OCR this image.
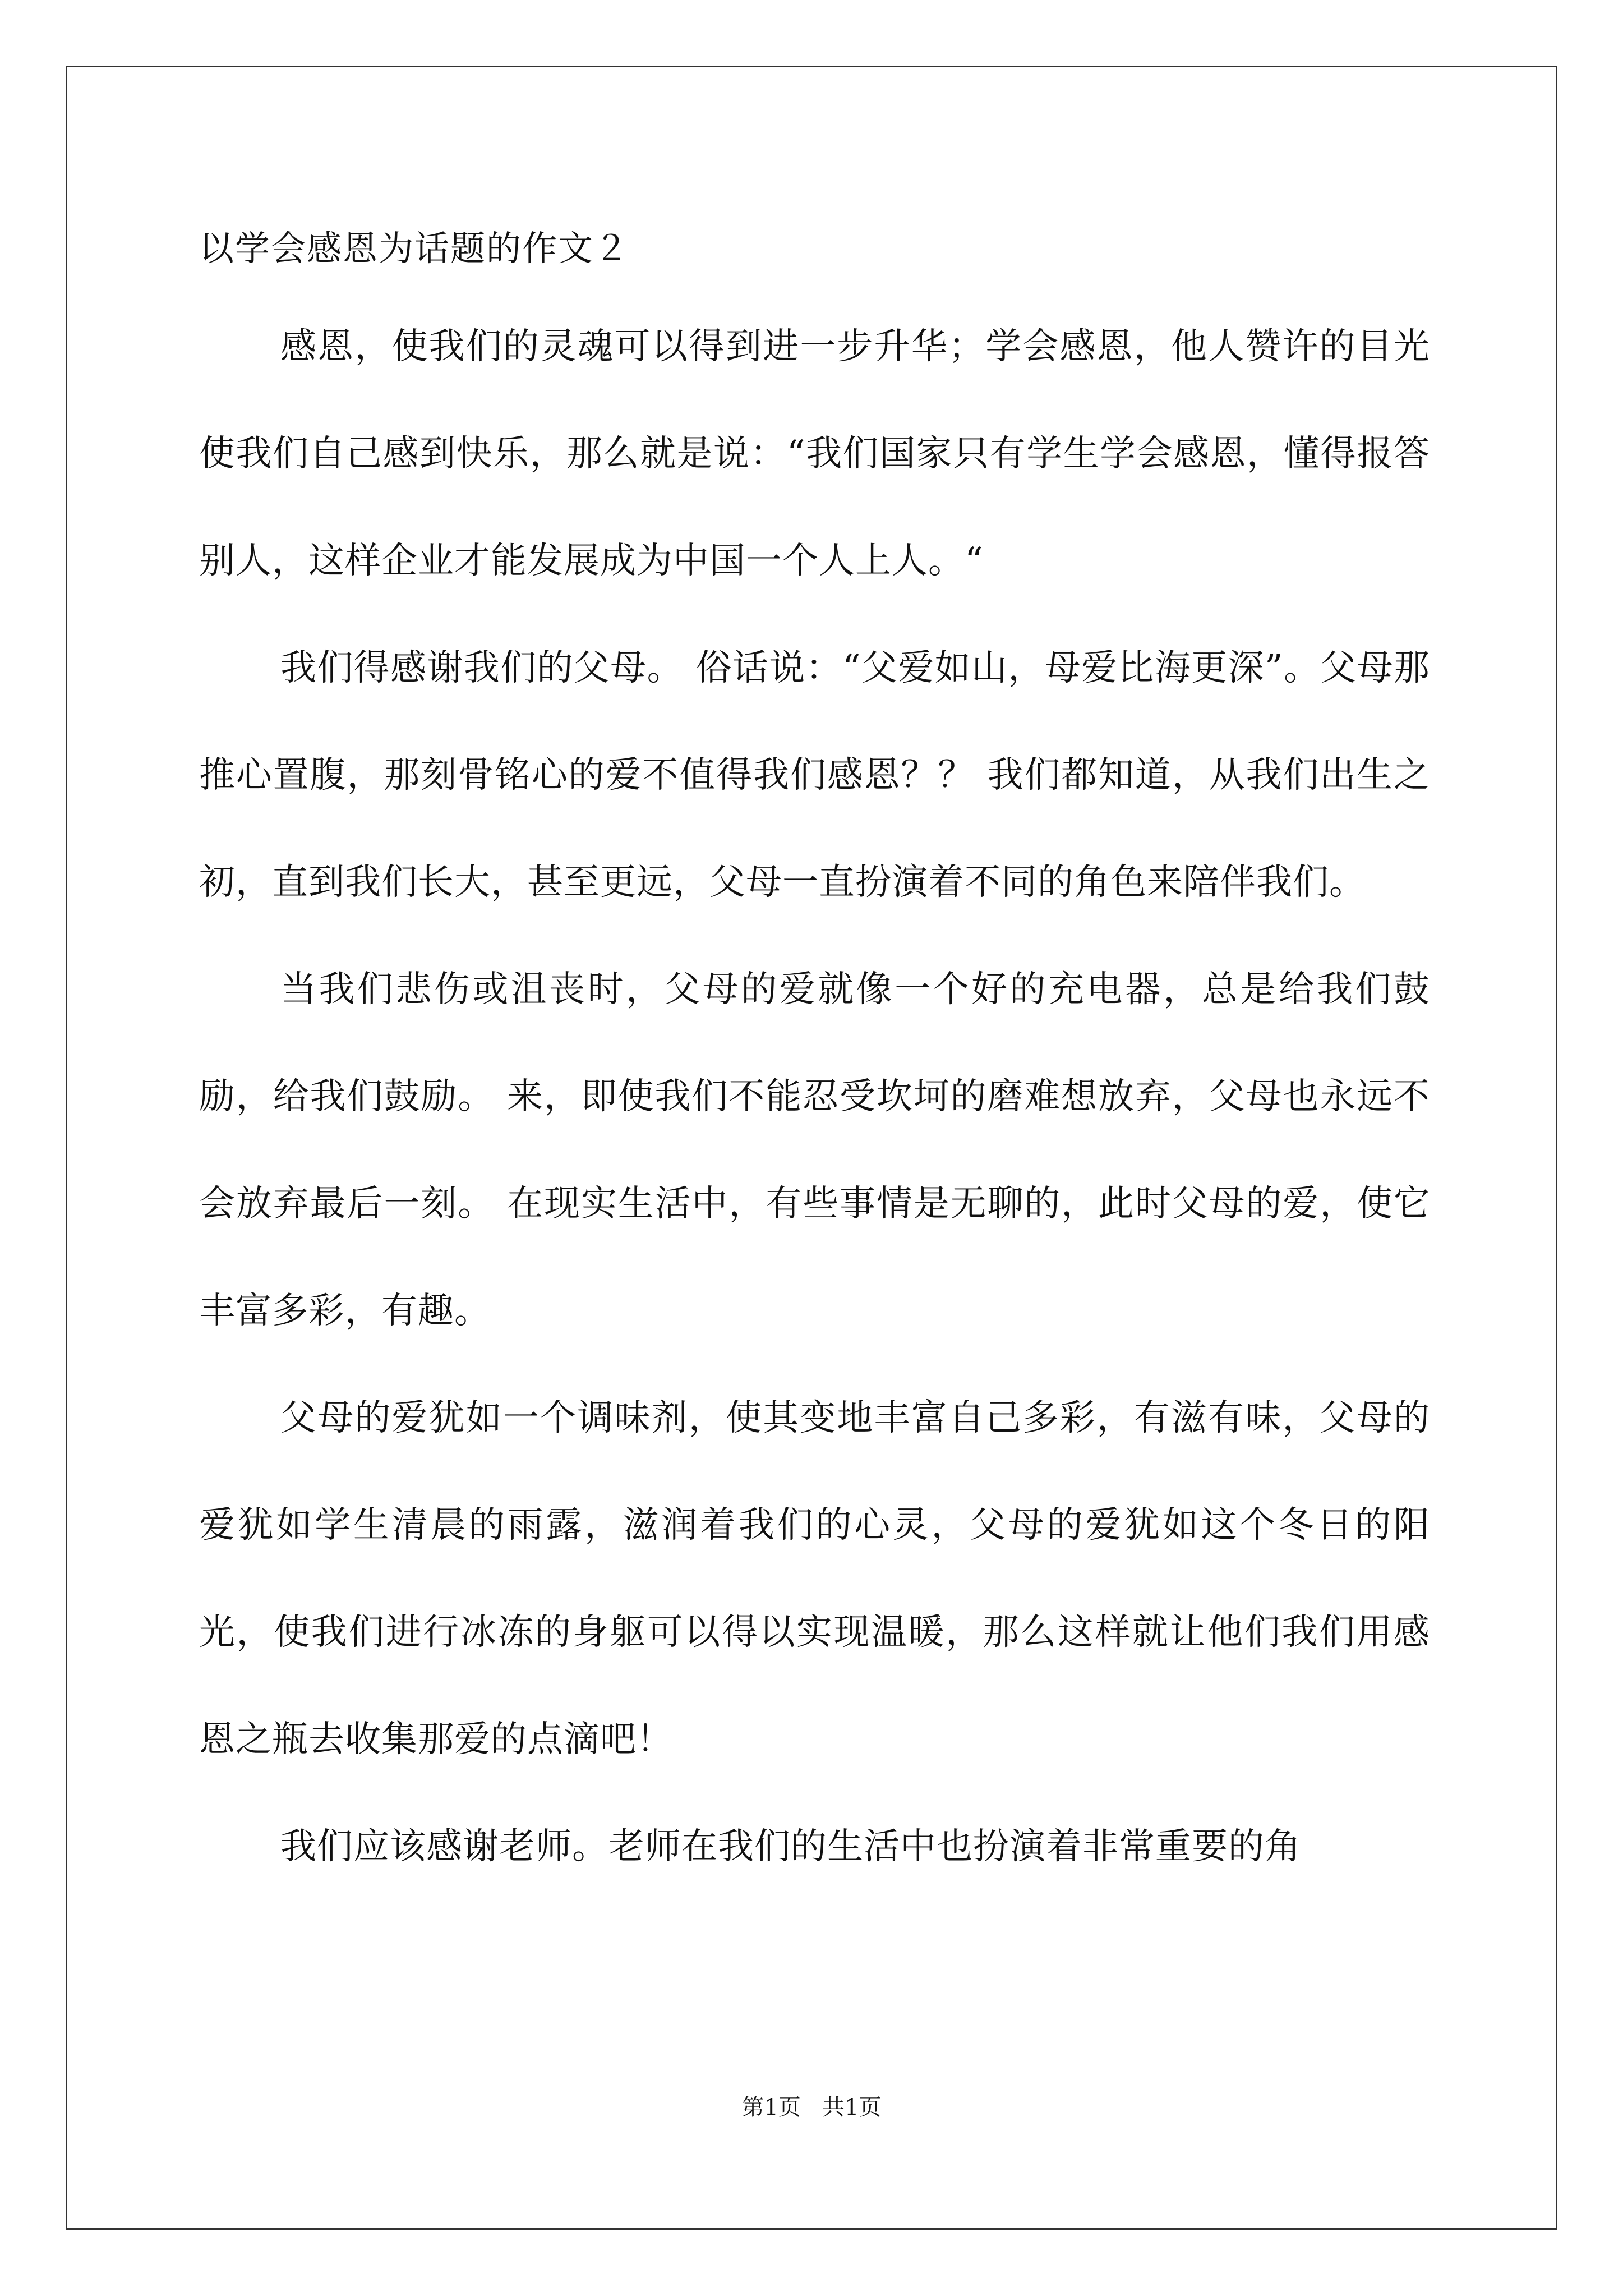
以学会感恩为话题的作文２

感恩，使我们的灵魂可以得到进一步升华；学会感恩，他人赞许的目光使我们自己感到快乐，那么就是说：“我们国家只有学生学会感恩，懂得报答别人，这样企业才能发展成为中国一个人上人。“

我们得感谢我们的父母。 俗话说：“父爱如山，母爱比海更深”。父母那推心置腹，那刻骨铭心的爱不值得我们感恩？？ 我们都知道，从我们出生之初，直到我们长大，甚至更远，父母一直扮演着不同的角色来陪伴我们。

当我们悲伤或沮丧时，父母的爱就像一个好的充电器，总是给我们鼓励，给我们鼓励。 来，即使我们不能忍受坎坷的磨难想放弃，父母也永远不会放弃最后一刻。 在现实生活中，有些事情是无聊的，此时父母的爱，使它丰富多彩，有趣。

父母的爱犹如一个调味剂，使其变地丰富自己多彩，有滋有味，父母的爱犹如学生清晨的雨露，滋润着我们的心灵，父母的爱犹如这个冬日的阳光，使我们进行冰冻的身躯可以得以实现温暖，那么这样就让他们我们用感恩之瓶去收集那爱的点滴吧！

我们应该感谢老师。老师在我们的生活中也扮演着非常重要的角

第1页   共1页
